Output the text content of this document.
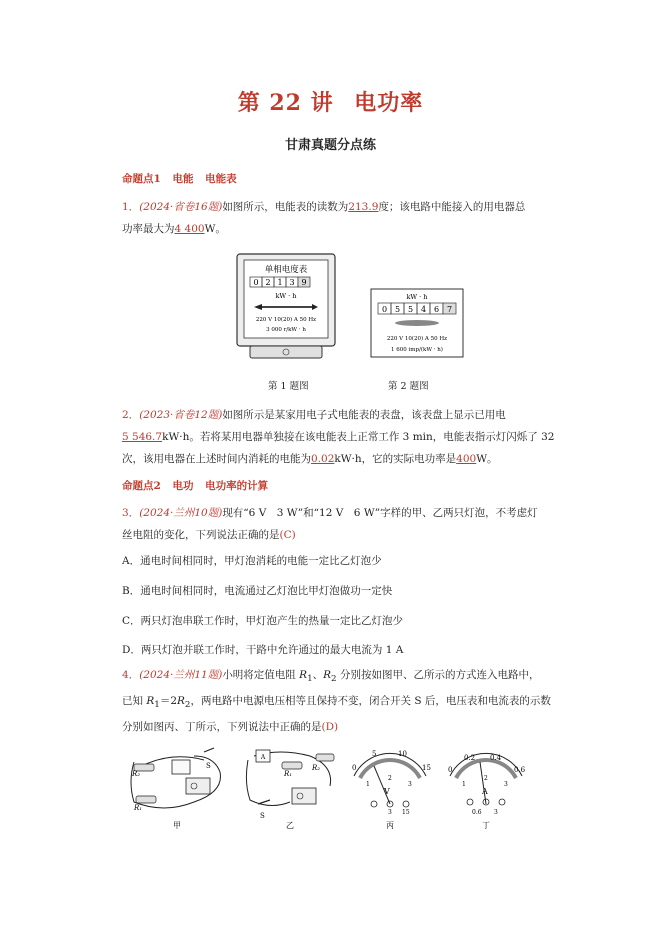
第 22 讲 电功率
甘肃真题分点练
命题点1 电能 电能表
1．(2024·省卷16题)如图所示，电能表的读数为213.9度；该电路中能接入的用电器总
功率最大为4 400W。
单相电度表
0 2 1 3 9
kW · h
220 V 10(20) A 50 Hz
3 000 r/kW · h
kW · h
0 5 5 4 6 7
220 V 10(20) A 50 Hz
1 600 imp/(kW · h)
第 1 题图	第 2 题图
2．(2023·省卷12题)如图所示是某家用电子式电能表的表盘，该表盘上显示已用电
5 546.7kW·h。若将某用电器单独接在该电能表上正常工作 3 min，电能表指示灯闪烁了 32
次，该用电器在上述时间内消耗的电能为0.02kW·h，它的实际电功率是400W。
命题点2 电功 电功率的计算
3．(2024·兰州10题)现有“6 V　3 W”和“12 V　6 W”字样的甲、乙两只灯泡，不考虑灯
丝电阻的变化，下列说法正确的是(C)
A．通电时间相同时，甲灯泡消耗的电能一定比乙灯泡少
B．通电时间相同时，电流通过乙灯泡比甲灯泡做功一定快
C．两只灯泡串联工作时，甲灯泡产生的热量一定比乙灯泡少
D．两只灯泡并联工作时，干路中允许通过的最大电流为 1 A
4．(2024·兰州11题)小明将定值电阻 $R_1$、$R_2$ 分别按如图甲、乙所示的方式连入电路中，
已知 $R_1=2R_2$，两电路中电源电压相等且保持不变，闭合开关 S 后，电压表和电流表的示数
分别如图丙、丁所示，下列说法中正确的是(D)
R₂
S
R₁
甲
A
R₁
R₂
S
乙
0
5	10
15
1
2
3
V
3 15
丙
0
0.2 0.4
0.6
1
2
3
A
0.6 3
丁
